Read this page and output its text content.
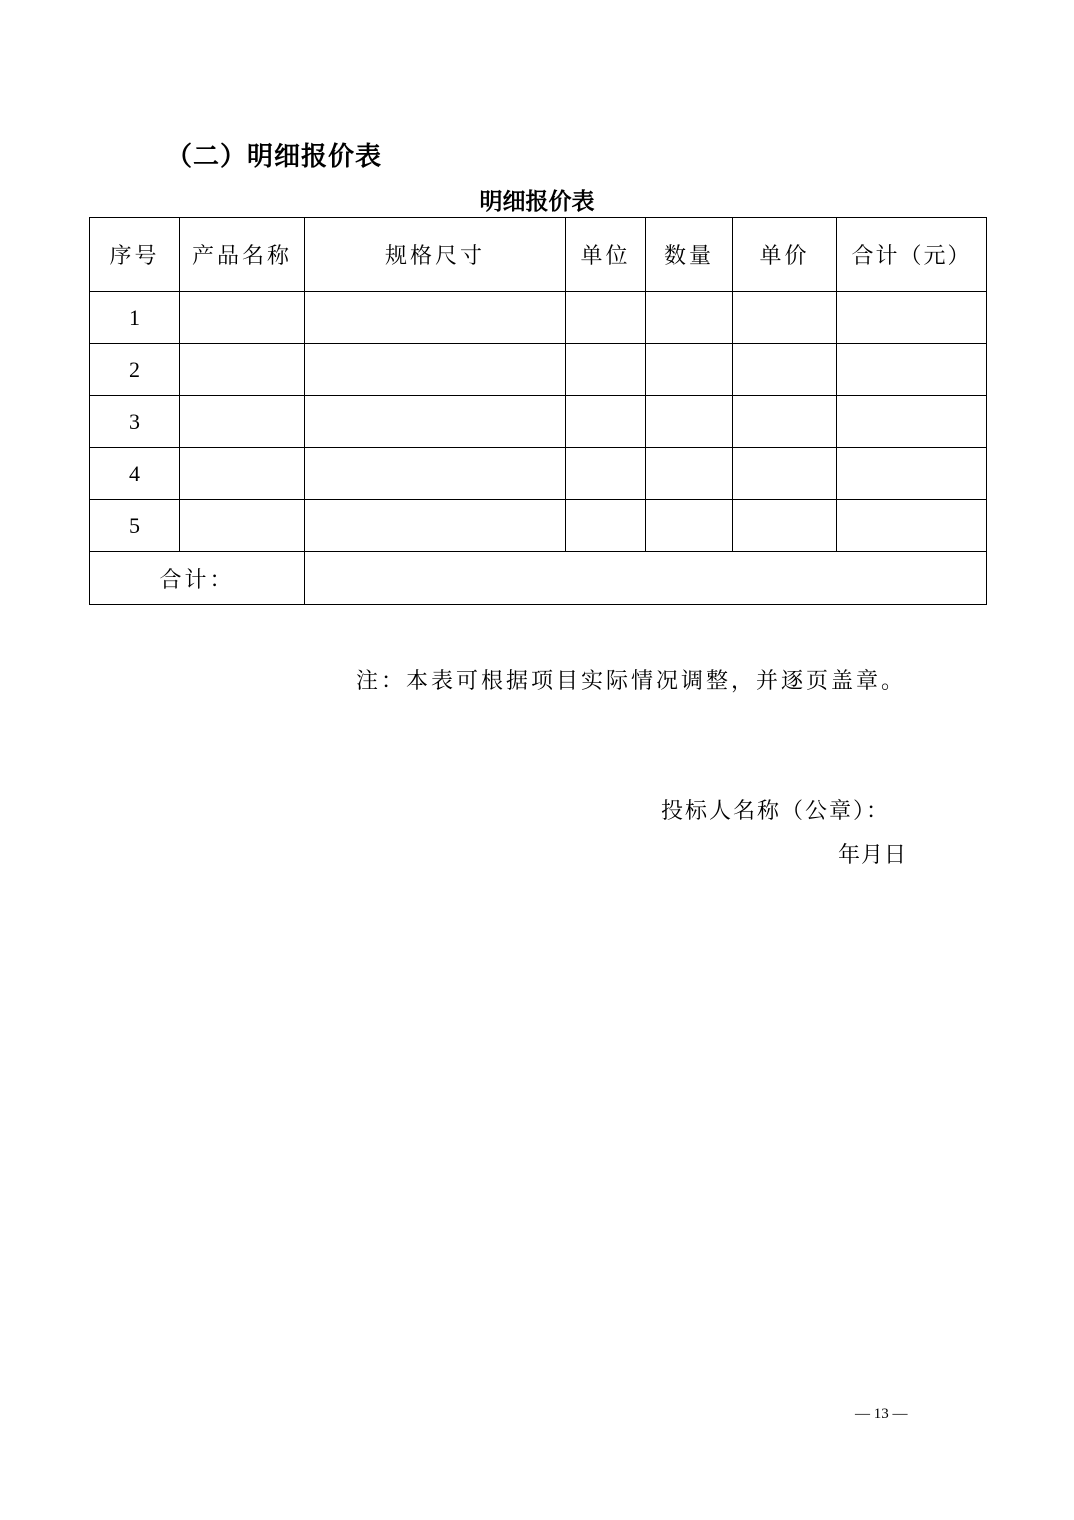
（二）明细报价表
明细报价表
序号	产品名称	规格尺寸	单位	数量	单价	合计（元）
1						
2						
3						
4						
5						
合计：						
注：本表可根据项目实际情况调整，并逐页盖章。
投标人名称（公章）：
年月日
— 13 —
